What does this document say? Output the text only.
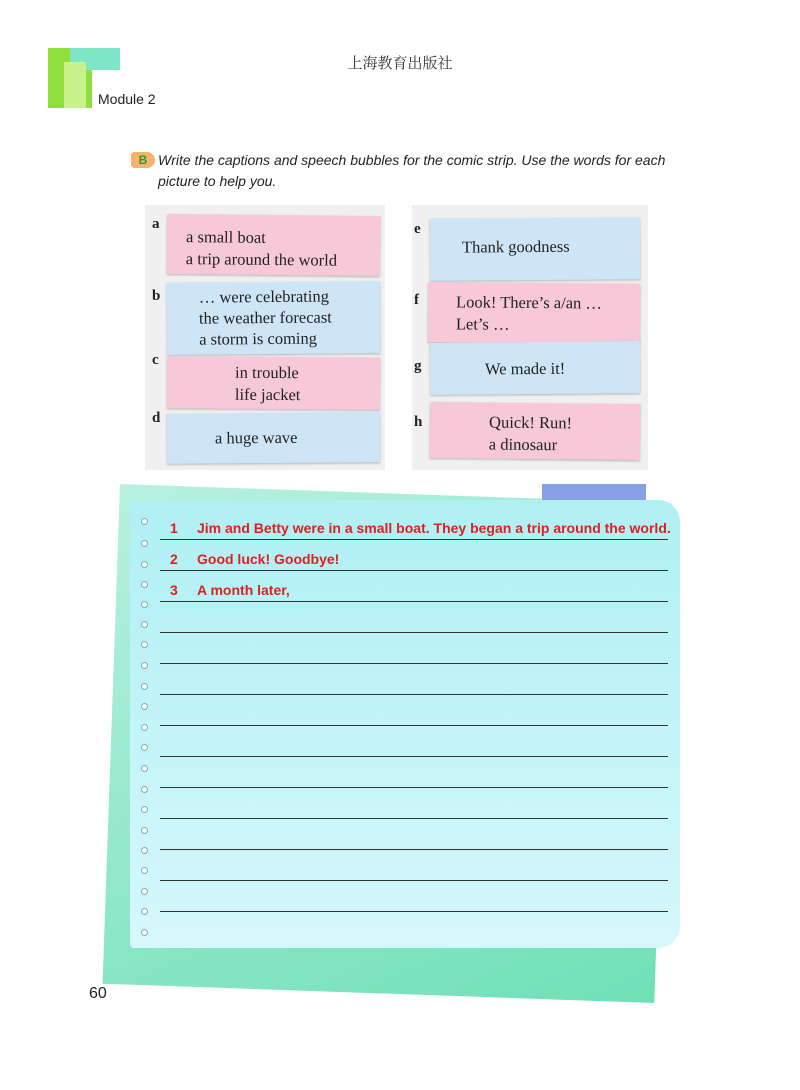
上海教育出版社
Module 2
B Write the captions and speech bubbles for the comic strip. Use the words for each picture to help you.
a
b
c
d
a small boat
a trip around the world
… were celebrating
the weather forecast
a storm is coming
in trouble
life jacket
a huge wave
e
f
g
h
Thank goodness
Look! There’s a/an …
Let’s …
We made it!
Quick! Run!
a dinosaur
1 Jim and Betty were in a small boat. They began a trip around the world.
2 Good luck! Goodbye!
3 A month later,
60
